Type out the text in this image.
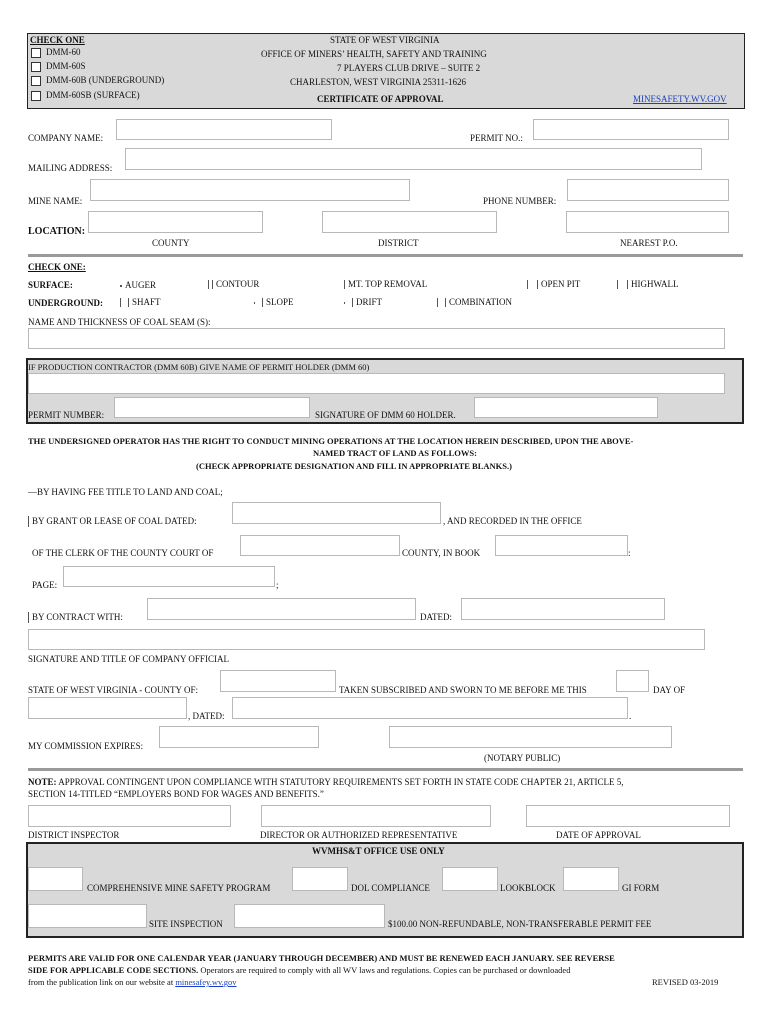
CHECK ONE
DMM-60
DMM-60S
DMM-60B (UNDERGROUND)
DMM-60SB (SURFACE)
STATE OF WEST VIRGINIA
OFFICE OF MINERS’ HEALTH, SAFETY AND TRAINING
7 PLAYERS CLUB DRIVE – SUITE 2
CHARLESTON, WEST VIRGINIA 25311-1626
CERTIFICATE OF APPROVAL	MINESAFETY.WV.GOV
COMPANY NAME:	PERMIT NO.:
MAILING ADDRESS:
MINE NAME:	PHONE NUMBER:
LOCATION:
COUNTY	DISTRICT	NEAREST P.O.
CHECK ONE:
SURFACE:	AUGER	CONTOUR	MT. TOP REMOVAL	OPEN PIT	HIGHWALL
UNDERGROUND:	SHAFT	SLOPE	DRIFT	COMBINATION
NAME AND THICKNESS OF COAL SEAM (S):
IF PRODUCTION CONTRACTOR (DMM 60B) GIVE NAME OF PERMIT HOLDER (DMM 60)
PERMIT NUMBER:	SIGNATURE OF DMM 60 HOLDER.
THE UNDERSIGNED OPERATOR HAS THE RIGHT TO CONDUCT MINING OPERATIONS AT THE LOCATION HEREIN DESCRIBED, UPON THE ABOVE-
NAMED TRACT OF LAND AS FOLLOWS:
(CHECK APPROPRIATE DESIGNATION AND FILL IN APPROPRIATE BLANKS.)
—BY HAVING FEE TITLE TO LAND AND COAL;
BY GRANT OR LEASE OF COAL DATED:	, AND RECORDED IN THE OFFICE
OF THE CLERK OF THE COUNTY COURT OF	COUNTY, IN BOOK	:
PAGE:	;
BY CONTRACT WITH:	DATED:
SIGNATURE AND TITLE OF COMPANY OFFICIAL
STATE OF WEST VIRGINIA - COUNTY OF:	TAKEN SUBSCRIBED AND SWORN TO ME BEFORE ME THIS	DAY OF
, DATED:	.
MY COMMISSION EXPIRES:
(NOTARY PUBLIC)
NOTE: APPROVAL CONTINGENT UPON COMPLIANCE WITH STATUTORY REQUIREMENTS SET FORTH IN STATE CODE CHAPTER 21, ARTICLE 5,
SECTION 14-TITLED “EMPLOYERS BOND FOR WAGES AND BENEFITS.”
DISTRICT INSPECTOR	DIRECTOR OR AUTHORIZED REPRESENTATIVE	DATE OF APPROVAL
WVMHS&T OFFICE USE ONLY
COMPREHENSIVE MINE SAFETY PROGRAM	DOL COMPLIANCE	LOOKBLOCK	GI FORM
SITE INSPECTION	$100.00 NON-REFUNDABLE, NON-TRANSFERABLE PERMIT FEE
PERMITS ARE VALID FOR ONE CALENDAR YEAR (JANUARY THROUGH DECEMBER) AND MUST BE RENEWED EACH JANUARY. SEE REVERSE
SIDE FOR APPLICABLE CODE SECTIONS. Operators are required to comply with all WV laws and regulations. Copies can be purchased or downloaded
from the publication link on our website at minesafey.wv.gov	REVISED 03-2019
